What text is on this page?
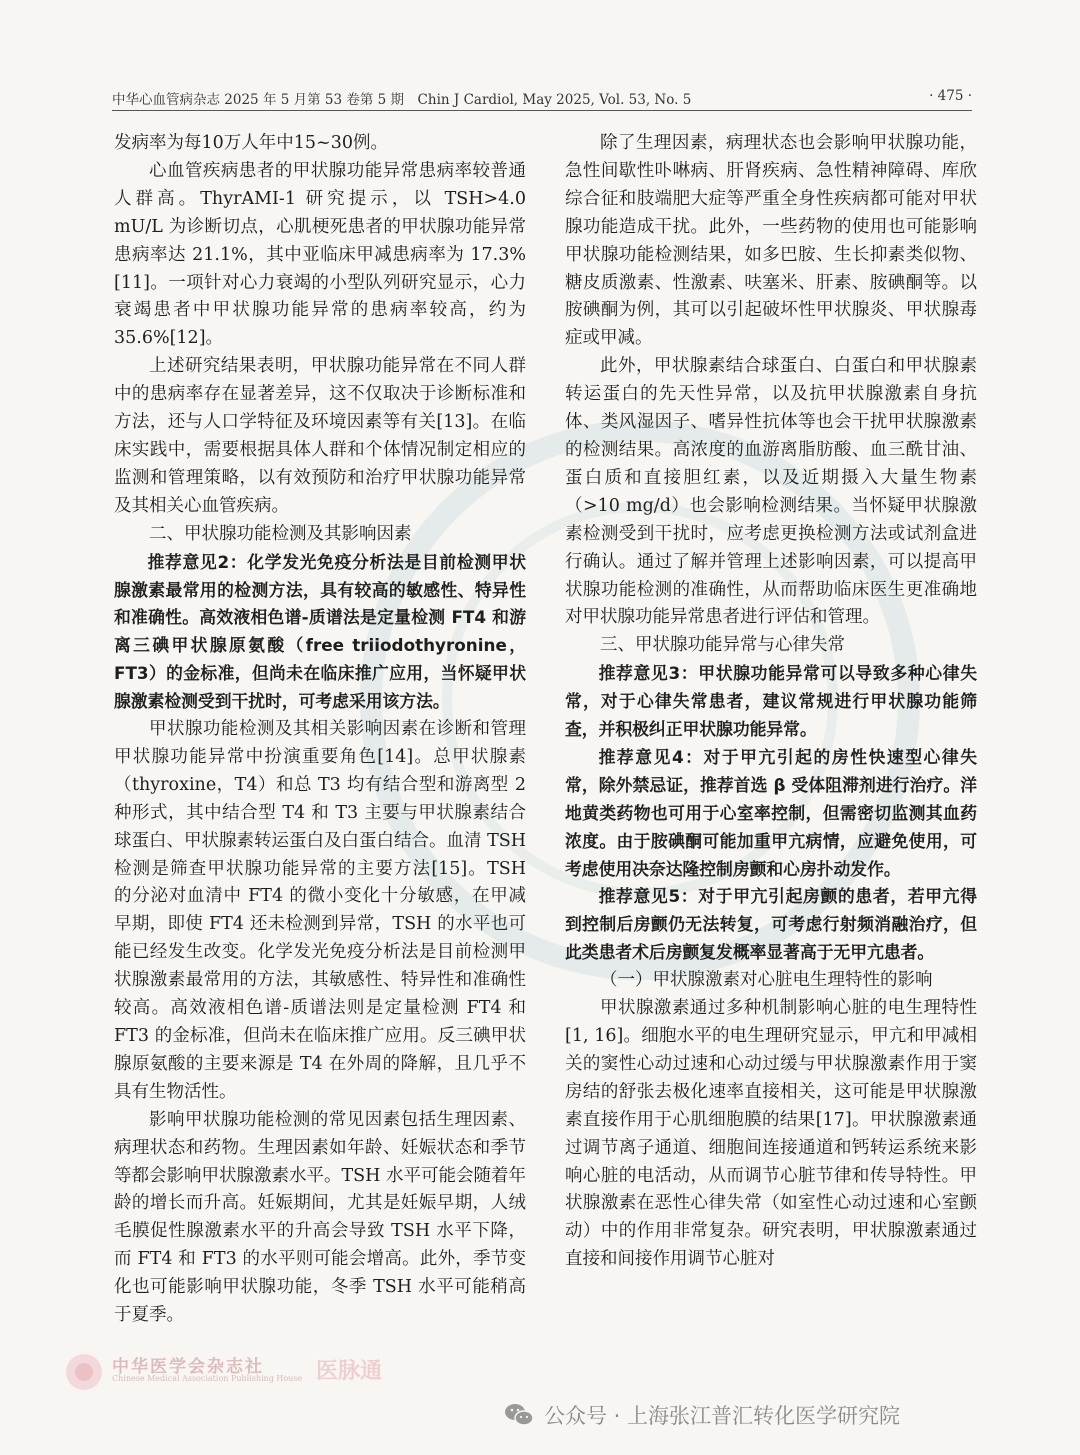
中华心血管病杂志 2025 年 5 月第 53 卷第 5 期　Chin J Cardiol, May 2025, Vol. 53, No. 5	· 475 ·

发病率为每10万人年中15~30例。

心血管疾病患者的甲状腺功能异常患病率较普通人群高。ThyrAMI-1 研究提示，以 TSH>4.0 mU/L 为诊断切点，心肌梗死患者的甲状腺功能异常患病率达 21.1%，其中亚临床甲减患病率为 17.3%[11]。一项针对心力衰竭的小型队列研究显示，心力衰竭患者中甲状腺功能异常的患病率较高，约为 35.6%[12]。

上述研究结果表明，甲状腺功能异常在不同人群中的患病率存在显著差异，这不仅取决于诊断标准和方法，还与人口学特征及环境因素等有关[13]。在临床实践中，需要根据具体人群和个体情况制定相应的监测和管理策略，以有效预防和治疗甲状腺功能异常及其相关心血管疾病。

二、甲状腺功能检测及其影响因素

推荐意见2：化学发光免疫分析法是目前检测甲状腺激素最常用的检测方法，具有较高的敏感性、特异性和准确性。高效液相色谱-质谱法是定量检测 FT4 和游离三碘甲状腺原氨酸（free triiodothyronine，FT3）的金标准，但尚未在临床推广应用，当怀疑甲状腺激素检测受到干扰时，可考虑采用该方法。

甲状腺功能检测及其相关影响因素在诊断和管理甲状腺功能异常中扮演重要角色[14]。总甲状腺素（thyroxine，T4）和总 T3 均有结合型和游离型 2 种形式，其中结合型 T4 和 T3 主要与甲状腺素结合球蛋白、甲状腺素转运蛋白及白蛋白结合。血清 TSH 检测是筛查甲状腺功能异常的主要方法[15]。TSH 的分泌对血清中 FT4 的微小变化十分敏感，在甲减早期，即使 FT4 还未检测到异常，TSH 的水平也可能已经发生改变。化学发光免疫分析法是目前检测甲状腺激素最常用的方法，其敏感性、特异性和准确性较高。高效液相色谱-质谱法则是定量检测 FT4 和 FT3 的金标准，但尚未在临床推广应用。反三碘甲状腺原氨酸的主要来源是 T4 在外周的降解，且几乎不具有生物活性。

影响甲状腺功能检测的常见因素包括生理因素、病理状态和药物。生理因素如年龄、妊娠状态和季节等都会影响甲状腺激素水平。TSH 水平可能会随着年龄的增长而升高。妊娠期间，尤其是妊娠早期，人绒毛膜促性腺激素水平的升高会导致 TSH 水平下降，而 FT4 和 FT3 的水平则可能会增高。此外，季节变化也可能影响甲状腺功能，冬季 TSH 水平可能稍高于夏季。

除了生理因素，病理状态也会影响甲状腺功能，急性间歇性卟啉病、肝肾疾病、急性精神障碍、库欣综合征和肢端肥大症等严重全身性疾病都可能对甲状腺功能造成干扰。此外，一些药物的使用也可能影响甲状腺功能检测结果，如多巴胺、生长抑素类似物、糖皮质激素、性激素、呋塞米、肝素、胺碘酮等。以胺碘酮为例，其可以引起破坏性甲状腺炎、甲状腺毒症或甲减。

此外，甲状腺素结合球蛋白、白蛋白和甲状腺素转运蛋白的先天性异常，以及抗甲状腺激素自身抗体、类风湿因子、嗜异性抗体等也会干扰甲状腺激素的检测结果。高浓度的血游离脂肪酸、血三酰甘油、蛋白质和直接胆红素，以及近期摄入大量生物素（>10 mg/d）也会影响检测结果。当怀疑甲状腺激素检测受到干扰时，应考虑更换检测方法或试剂盒进行确认。通过了解并管理上述影响因素，可以提高甲状腺功能检测的准确性，从而帮助临床医生更准确地对甲状腺功能异常患者进行评估和管理。

三、甲状腺功能异常与心律失常

推荐意见3：甲状腺功能异常可以导致多种心律失常，对于心律失常患者，建议常规进行甲状腺功能筛查，并积极纠正甲状腺功能异常。

推荐意见4：对于甲亢引起的房性快速型心律失常，除外禁忌证，推荐首选 β 受体阻滞剂进行治疗。洋地黄类药物也可用于心室率控制，但需密切监测其血药浓度。由于胺碘酮可能加重甲亢病情，应避免使用，可考虑使用决奈达隆控制房颤和心房扑动发作。

推荐意见5：对于甲亢引起房颤的患者，若甲亢得到控制后房颤仍无法转复，可考虑行射频消融治疗，但此类患者术后房颤复发概率显著高于无甲亢患者。

（一）甲状腺激素对心脏电生理特性的影响

甲状腺激素通过多种机制影响心脏的电生理特性[1, 16]。细胞水平的电生理研究显示，甲亢和甲减相关的窦性心动过速和心动过缓与甲状腺激素作用于窦房结的舒张去极化速率直接相关，这可能是甲状腺激素直接作用于心肌细胞膜的结果[17]。甲状腺激素通过调节离子通道、细胞间连接通道和钙转运系统来影响心脏的电活动，从而调节心脏节律和传导特性。甲状腺激素在恶性心律失常（如室性心动过速和心室颤动）中的作用非常复杂。研究表明，甲状腺激素通过直接和间接作用调节心脏对

中华医学会杂志社
Chinese Medical Association Publishing House 医脉通
公众号 · 上海张江普汇转化医学研究院
